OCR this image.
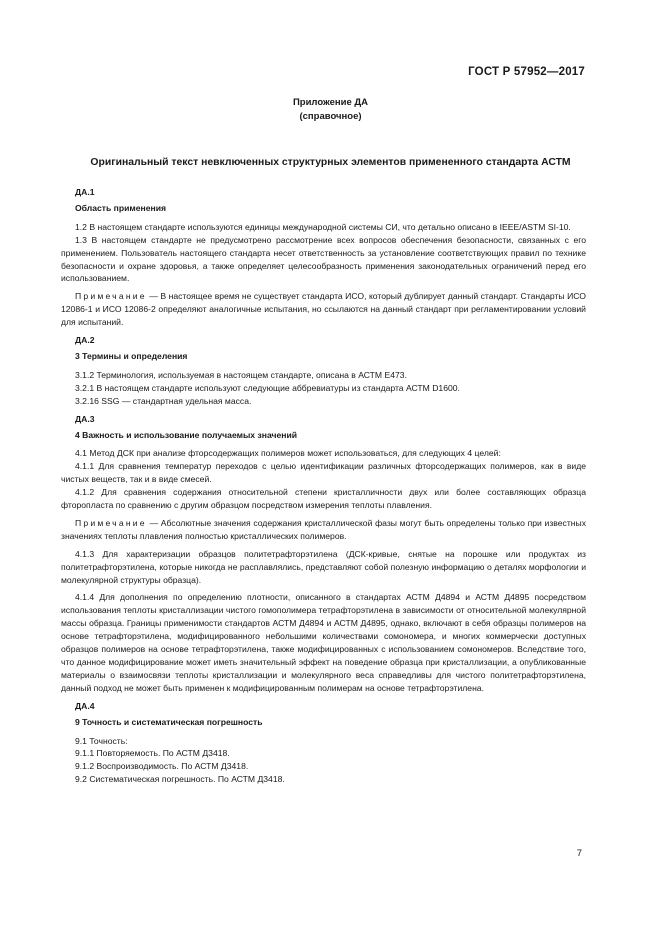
ГОСТ Р 57952—2017
Приложение ДА
(справочное)
Оригинальный текст невключенных структурных элементов примененного стандарта АСТМ

ДА.1

Область применения

1.2 В настоящем стандарте используются единицы международной системы СИ, что детально описано в IEEE/ASTM SI-10.

1.3 В настоящем стандарте не предусмотрено рассмотрение всех вопросов обеспечения безопасности, связанных с его применением. Пользователь настоящего стандарта несет ответственность за установление соответствующих правил по технике безопасности и охране здоровья, а также определяет целесообразность применения законодательных ограничений перед его использованием.

Примечание — В настоящее время не существует стандарта ИСО, который дублирует данный стандарт. Стандарты ИСО 12086-1 и ИСО 12086-2 определяют аналогичные испытания, но ссылаются на данный стандарт при регламентировании условий для испытаний.

ДА.2

3 Термины и определения

3.1.2 Терминология, используемая в настоящем стандарте, описана в АСТМ Е473.

3.2.1 В настоящем стандарте используют следующие аббревиатуры из стандарта АСТМ D1600.

3.2.16 SSG — стандартная удельная масса.

ДА.3

4 Важность и использование получаемых значений

4.1 Метод ДСК при анализе фторсодержащих полимеров может использоваться, для следующих 4 целей:

4.1.1 Для сравнения температур переходов с целью идентификации различных фторсодержащих полимеров, как в виде чистых веществ, так и в виде смесей.

4.1.2 Для сравнения содержания относительной степени кристалличности двух или более составляющих образца фторопласта по сравнению с другим образцом посредством измерения теплоты плавления.

Примечание — Абсолютные значения содержания кристаллической фазы могут быть определены только при известных значениях теплоты плавления полностью кристаллических полимеров.

4.1.3 Для характеризации образцов политетрафторэтилена (ДСК-кривые, снятые на порошке или продуктах из политетрафторэтилена, которые никогда не расплавлялись, представляют собой полезную информацию о деталях морфологии и молекулярной структуры образца).

4.1.4 Для дополнения по определению плотности, описанного в стандартах АСТМ Д4894 и АСТМ Д4895 посредством использования теплоты кристаллизации чистого гомополимера тетрафторэтилена в зависимости от относительной молекулярной массы образца. Границы применимости стандартов АСТМ Д4894 и АСТМ Д4895, однако, включают в себя образцы полимеров на основе тетрафторэтилена, модифицированного небольшими количествами сомономера, и многих коммерчески доступных образцов полимеров на основе тетрафторэтилена, также модифицированных с использованием сомономеров. Вследствие того, что данное модифицирование может иметь значительный эффект на поведение образца при кристаллизации, а опубликованные материалы о взаимосвязи теплоты кристаллизации и молекулярного веса справедливы для чистого политетрафторэтилена, данный подход не может быть применен к модифицированным полимерам на основе тетрафторэтилена.

ДА.4

9 Точность и систематическая погрешность

9.1 Точность:

9.1.1 Повторяемость. По АСТМ Д3418.

9.1.2 Воспроизводимость. По АСТМ Д3418.

9.2 Систематическая погрешность. По АСТМ Д3418.

7
